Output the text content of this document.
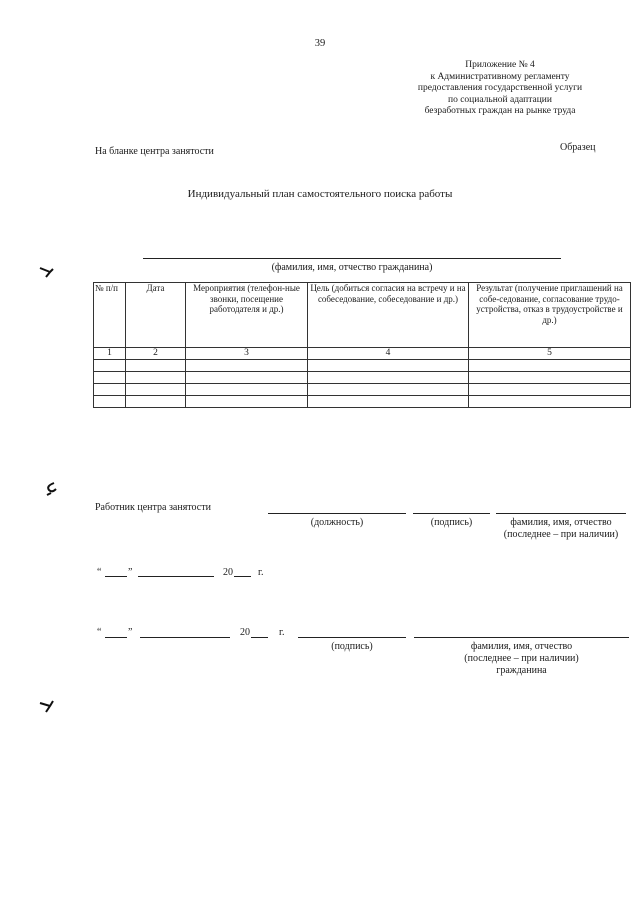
39
Приложение № 4
к Административному регламенту
предоставления государственной услуги
по социальной адаптации
безработных граждан на рынке труда
Образец
На бланке центра занятости
Индивидуальный план самостоятельного поиска работы
(фамилия, имя, отчество гражданина)
№ п/п	Дата	Мероприятия (телефон-ные звонки, посещение работодателя и др.)	Цель (добиться согласия на встречу и на собеседование, собеседование и др.)	Результат (получение приглашений на собе-седование, согласование трудо-устройства, отказ в трудоустройстве и др.)
1	2	3	4	5

Работник центра занятости
(должность)	(подпись)	фамилия, имя, отчество
(последнее – при наличии)
“	”	20	г.
“	”	20	г.
(подпись)	фамилия, имя, отчество
(последнее – при наличии)
гражданина
